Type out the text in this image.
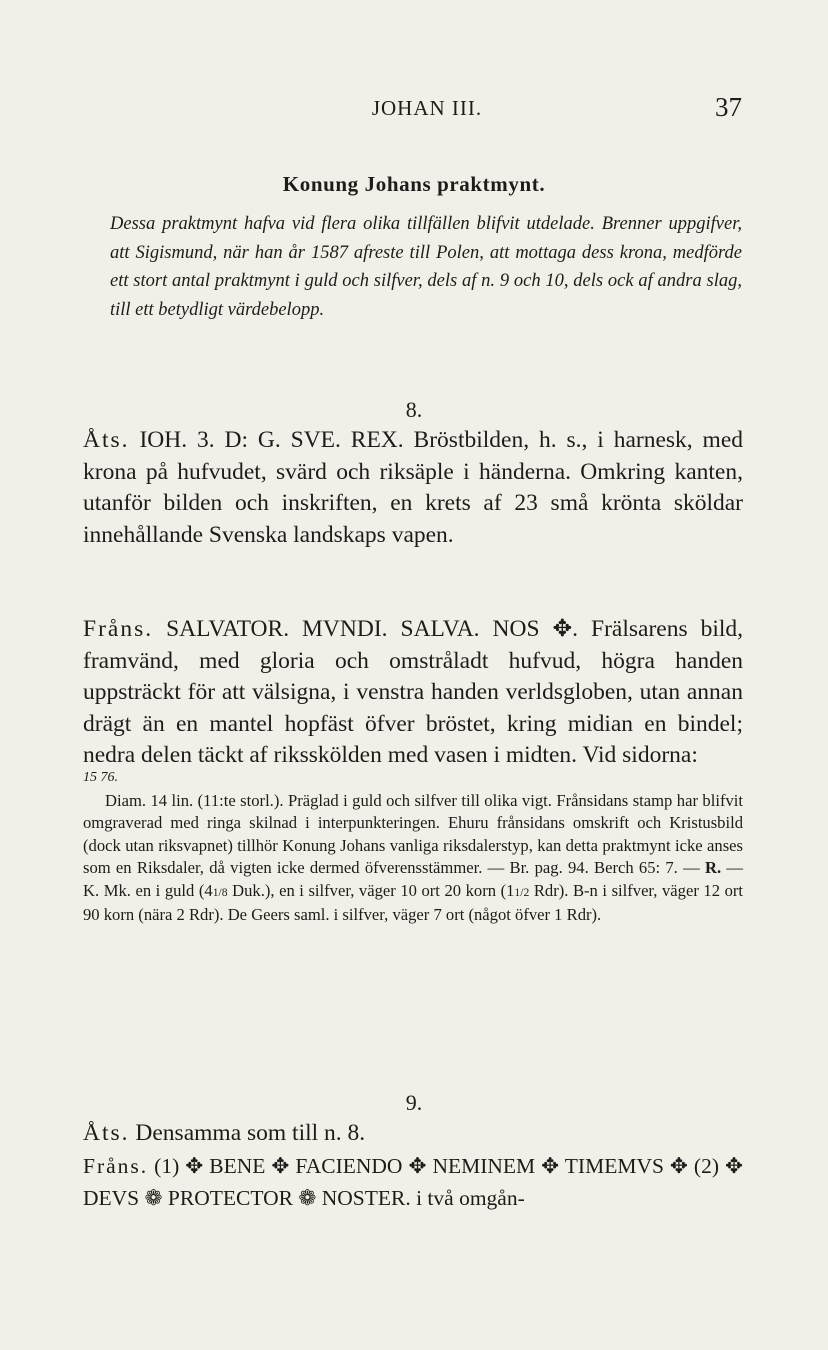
JOHAN III.	37
Konung Johans praktmynt.
Dessa praktmynt hafva vid flera olika tillfällen blifvit utdelade. Brenner uppgifver, att Sigismund, när han år 1587 afreste till Polen, att mottaga dess krona, medförde ett stort antal praktmynt i guld och silfver, dels af n. 9 och 10, dels ock af andra slag, till ett betydligt värdebelopp.
8.
Åts. IOH. 3. D: G. SVE. REX. Bröstbilden, h. s., i harnesk, med krona på hufvudet, svärd och riksäple i händerna. Omkring kanten, utanför bilden och inskriften, en krets af 23 små krönta sköldar innehållande Svenska landskaps vapen.
Fråns. SALVATOR. MVNDI. SALVA. NOS ✥. Frälsarens bild, framvänd, med gloria och omstråladt hufvud, högra handen uppsträckt för att välsigna, i venstra handen verldsgloben, utan annan drägt än en mantel hopfäst öfver bröstet, kring midian en bindel; nedra delen täckt af riksskölden med vasen i midten. Vid sidorna:
15 76.
Diam. 14 lin. (11:te storl.). Präglad i guld och silfver till olika vigt. Frånsidans stamp har blifvit omgraverad med ringa skilnad i interpunkteringen. Ehuru frånsidans omskrift och Kristusbild (dock utan riksvapnet) tillhör Konung Johans vanliga riksdalerstyp, kan detta praktmynt icke anses som en Riksdaler, då vigten icke dermed öfverensstämmer. — Br. pag. 94. Berch 65: 7. — R. — K. Mk. en i guld (41/8 Duk.), en i silfver, väger 10 ort 20 korn (11/2 Rdr). B-n i silfver, väger 12 ort 90 korn (nära 2 Rdr). De Geers saml. i silfver, väger 7 ort (något öfver 1 Rdr).
9.
Åts. Densamma som till n. 8.
Fråns. (1) ✥ BENE ✥ FACIENDO ✥ NEMINEM ✥ TIMEMVS ✥ (2) ✥ DEVS ❁ PROTECTOR ❁ NOSTER. i två omgån-
